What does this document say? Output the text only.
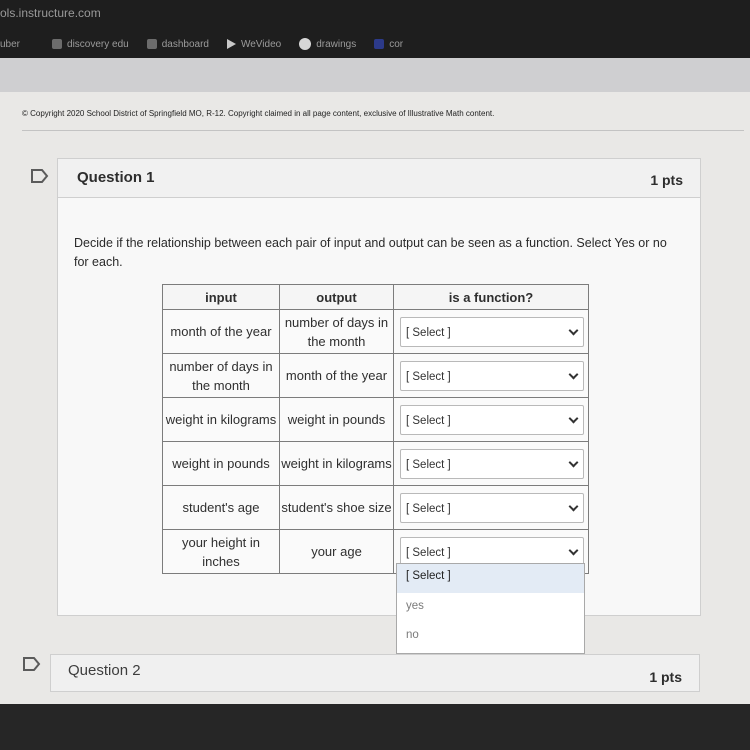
ols.instructure.com
uber	discovery edu	dashboard	WeVideo	drawings	cor
© Copyright 2020 School District of Springfield MO, R-12. Copyright claimed in all page content, exclusive of Illustrative Math content.
Question 1	1 pts
Decide if the relationship between each pair of input and output can be seen as a function. Select Yes or no for each.
input	output	is a function?
month of the year	number of days in the month	[ Select ]

number of days in the month	month of the year	[ Select ]

weight in kilograms	weight in pounds	[ Select ]

weight in pounds	weight in kilograms	[ Select ]

student's age	student's shoe size	[ Select ]

your height in inches	your age	[ Select ]
[ Select ]
yes
no
Question 2	1 pts
